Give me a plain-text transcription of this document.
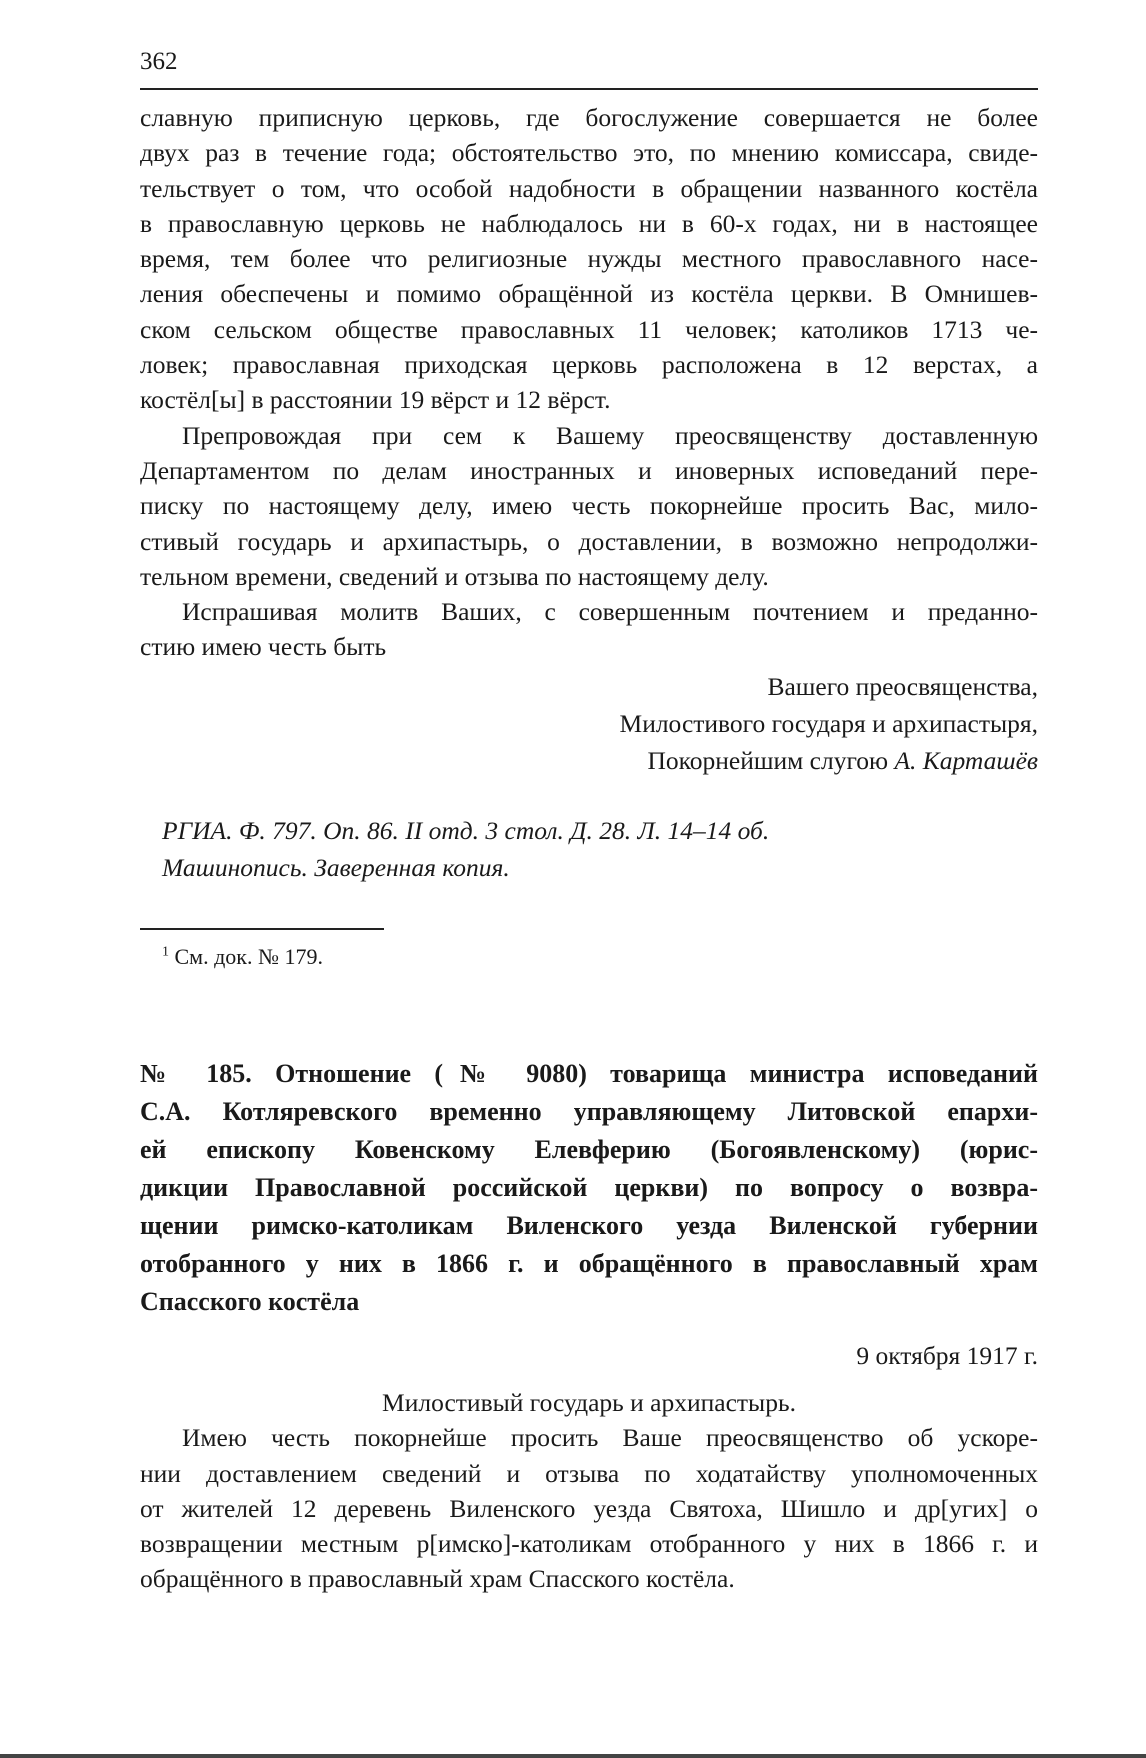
362
славную приписную церковь, где богослужение совершается не более
двух раз в течение года; обстоятельство это, по мнению комиссара, свиде-
тельствует о том, что особой надобности в обращении названного костёла
в православную церковь не наблюдалось ни в 60-х годах, ни в настоящее
время, тем более что религиозные нужды местного православного насе-
ления обеспечены и помимо обращённой из костёла церкви. В Омнишев-
ском сельском обществе православных 11 человек; католиков 1713 че-
ловек; православная приходская церковь расположена в 12 верстах, а
костёл[ы] в расстоянии 19 вёрст и 12 вёрст.
Препровождая при сем к Вашему преосвященству доставленную
Департаментом по делам иностранных и иноверных исповеданий пере-
писку по настоящему делу, имею честь покорнейше просить Вас, мило-
стивый государь и архипастырь, о доставлении, в возможно непродолжи-
тельном времени, сведений и отзыва по настоящему делу.
Испрашивая молитв Ваших, с совершенным почтением и преданно-
стию имею честь быть
Вашего преосвященства,
Милостивого государя и архипастыря,
Покорнейшим слугою А. Карташёв
РГИА. Ф. 797. Оп. 86. II отд. 3 стол. Д. 28. Л. 14–14 об.
Машинопись. Заверенная копия.
$^1$ См. док. № 179.
№ 185. Отношение (№ 9080) товарища министра исповеданий
С.А. Котляревского временно управляющему Литовской епархи-
ей епископу Ковенскому Елевферию (Богоявленскому) (юрис-
дикции Православной российской церкви) по вопросу о возвра-
щении римско-католикам Виленского уезда Виленской губернии
отобранного у них в 1866 г. и обращённого в православный храм
Спасского костёла
9 октября 1917 г.
Милостивый государь и архипастырь.
Имею честь покорнейше просить Ваше преосвященство об ускоре-
нии доставлением сведений и отзыва по ходатайству уполномоченных
от жителей 12 деревень Виленского уезда Святоха, Шишло и др[угих] о
возвращении местным р[имско]-католикам отобранного у них в 1866 г. и
обращённого в православный храм Спасского костёла.
